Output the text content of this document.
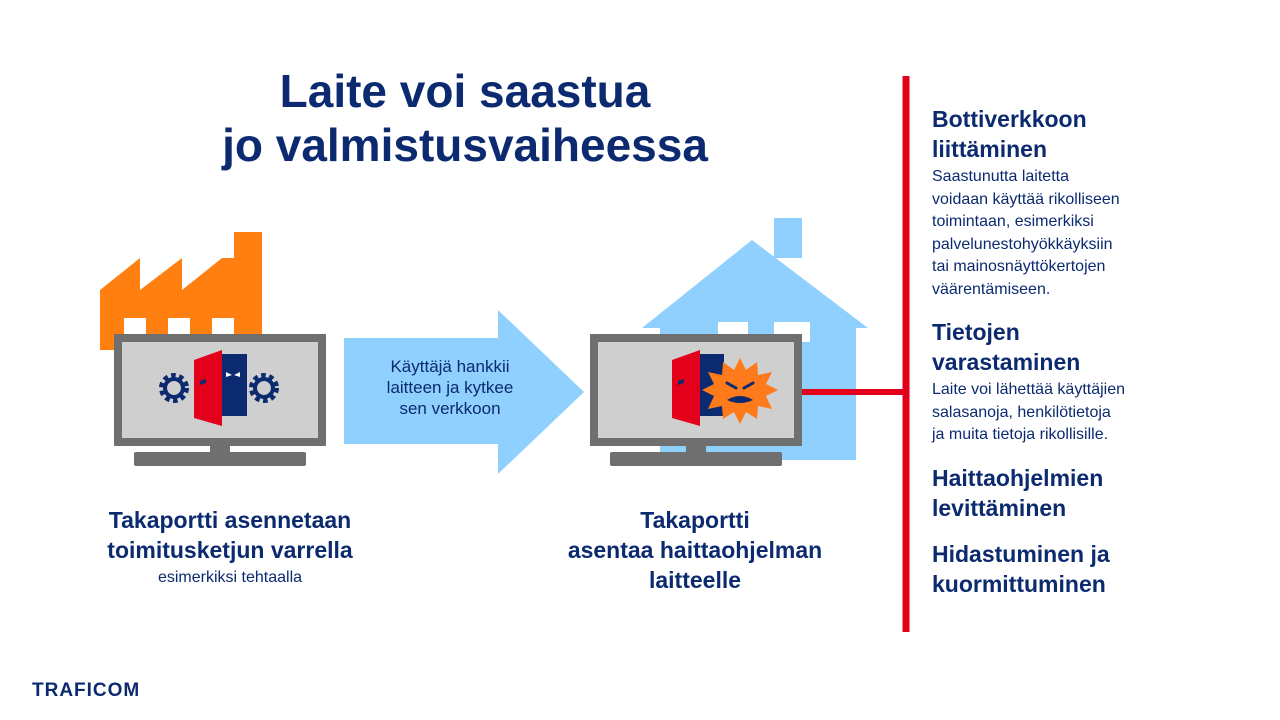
Laite voi saastua
jo valmistusvaiheessa
Käyttäjä hankkii
laitteen ja kytkee
sen verkkoon
Takaportti asennetaan
toimitusketjun varrella
esimerkiksi tehtaalla
Takaportti
asentaa haittaohjelman
laitteelle
Bottiverkkoon
liittäminen
Saastunutta laitetta
voidaan käyttää rikolliseen
toimintaan, esimerkiksi
palvelunestohyökkäyksiin
tai mainosnäyttökertojen
väärentämiseen.
Tietojen
varastaminen
Laite voi lähettää käyttäjien
salasanoja, henkilötietoja
ja muita tietoja rikollisille.
Haittaohjelmien
levittäminen
Hidastuminen ja
kuormittuminen
TRAFICOM
